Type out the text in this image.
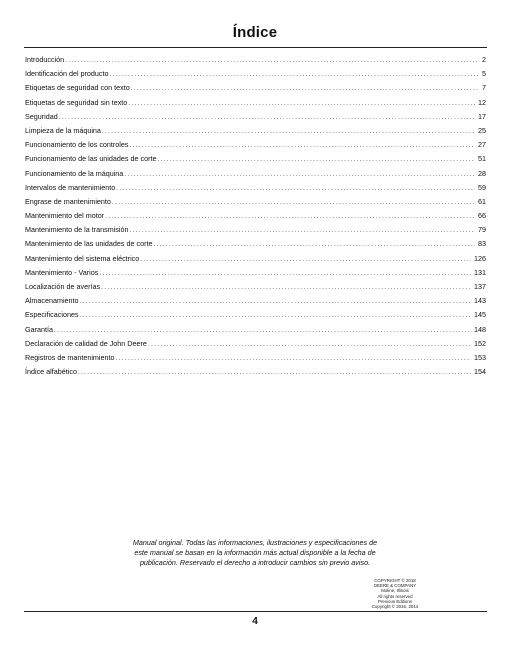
Índice
Introducción . . .	2
Identificación del producto . . .	5
Etiquetas de seguridad con texto . . .	7
Etiquetas de seguridad sin texto . . .	12
Seguridad . . .	17
Limpieza de la máquina . . .	25
Funcionamiento de los controles . . .	27
Funcionamiento de las unidades de corte . . .	51
Funcionamiento de la máquina . . .	28
Intervalos de mantenimiento . . .	59
Engrase de mantenimiento . . .	61
Mantenimiento del motor . . .	66
Mantenimiento de la transmisión . . .	79
Mantenimiento de las unidades de corte . . .	83
Mantenimiento del sistema eléctrico . . .	126
Mantenimiento - Varios . . .	131
Localización de averías . . .	137
Almacenamiento . . .	143
Especificaciones . . .	145
Garantía . . .	148
Declaración de calidad de John Deere . . .	152
Registros de mantenimiento . . .	153
Índice alfabético . . .	154
Manual original. Todas las informaciones, ilustraciones y especificaciones de
este manual se basan en la información más actual disponible a la fecha de
publicación. Reservado el derecho a introducir cambios sin previo aviso.
COPYRIGHT © 2018
DEERE & COMPANY
Moline, Illinois
All rights reserved
Previous Editions
Copyright © 2015, 2014
4
